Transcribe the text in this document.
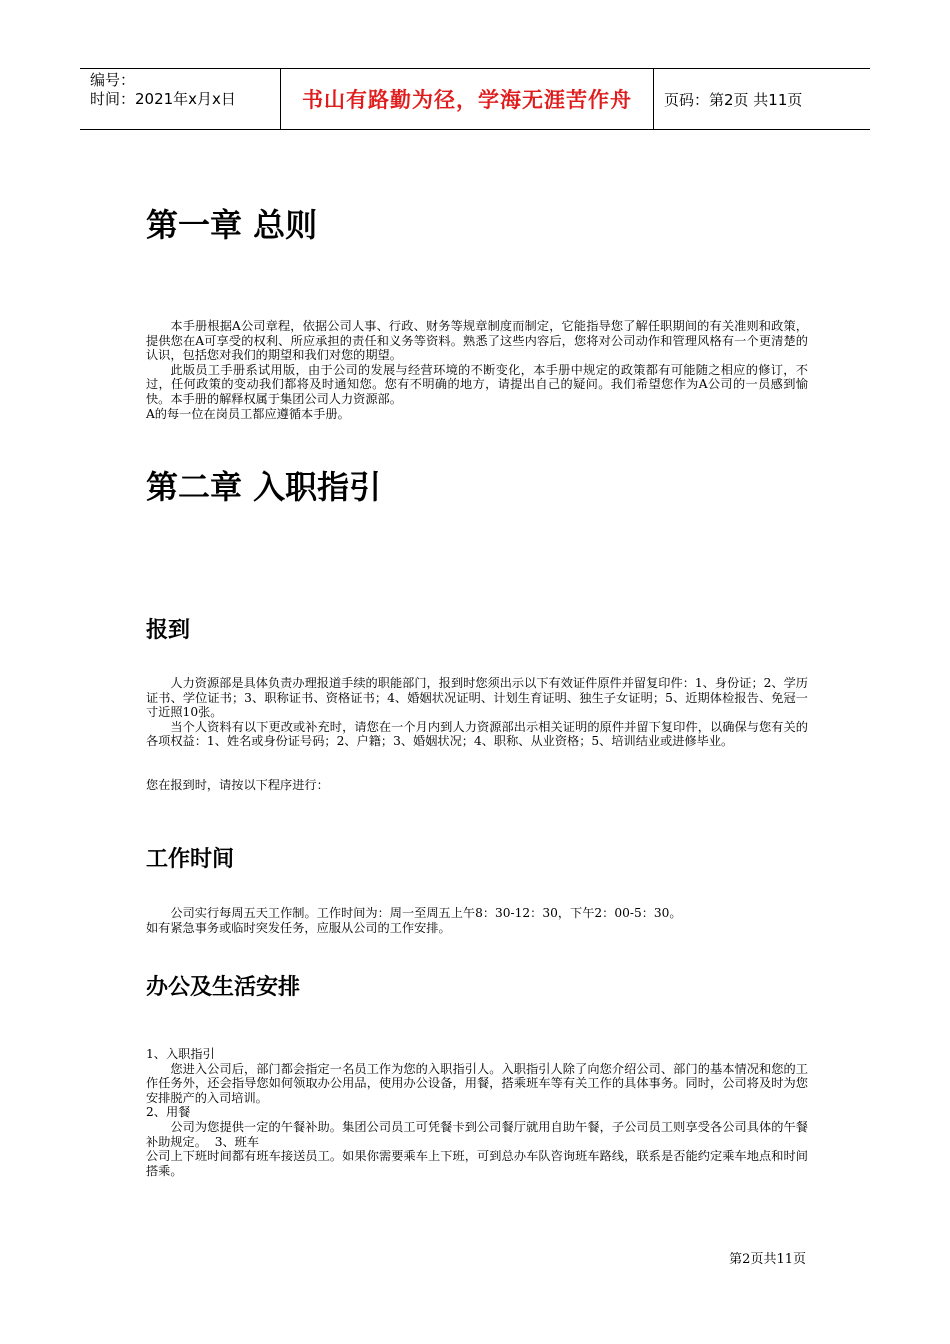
编号：
时间：2021年x月x日	书山有路勤为径，学海无涯苦作舟	页码：第2页 共11页
第一章 总则

本手册根据A公司章程，依据公司人事、行政、财务等规章制度而制定，它能指导您了解任职期间的有关准则和政策，提供您在A可享受的权利、所应承担的责任和义务等资料。熟悉了这些内容后，您将对公司动作和管理风格有一个更清楚的认识，包括您对我们的期望和我们对您的期望。

此版员工手册系试用版，由于公司的发展与经营环境的不断变化，本手册中规定的政策都有可能随之相应的修订，不过，任何政策的变动我们都将及时通知您。您有不明确的地方，请提出自己的疑问。我们希望您作为A公司的一员感到愉快。本手册的解释权属于集团公司人力资源部。

A的每一位在岗员工都应遵循本手册。

第二章 入职指引
报到

人力资源部是具体负责办理报道手续的职能部门，报到时您须出示以下有效证件原件并留复印件：1、身份证；2、学历证书、学位证书；3、职称证书、资格证书；4、婚姻状况证明、计划生育证明、独生子女证明；5、近期体检报告、免冠一寸近照10张。

当个人资料有以下更改或补充时，请您在一个月内到人力资源部出示相关证明的原件并留下复印件，以确保与您有关的各项权益：1、姓名或身份证号码；2、户籍；3、婚姻状况；4、职称、从业资格；5、培训结业或进修毕业。

您在报到时，请按以下程序进行：
工作时间

公司实行每周五天工作制。工作时间为：周一至周五上午8：30-12：30，下午2：00-5：30。

如有紧急事务或临时突发任务，应服从公司的工作安排。

办公及生活安排

1、入职指引

您进入公司后，部门都会指定一名员工作为您的入职指引人。入职指引人除了向您介绍公司、部门的基本情况和您的工作任务外，还会指导您如何领取办公用品，使用办公设备，用餐，搭乘班车等有关工作的具体事务。同时，公司将及时为您安排脱产的入司培训。

2、用餐

公司为您提供一定的午餐补助。集团公司员工可凭餐卡到公司餐厅就用自助午餐，子公司员工则享受各公司具体的午餐补助规定。 3、班车

公司上下班时间都有班车接送员工。如果你需要乘车上下班，可到总办车队咨询班车路线，联系是否能约定乘车地点和时间搭乘。

第2页共11页
